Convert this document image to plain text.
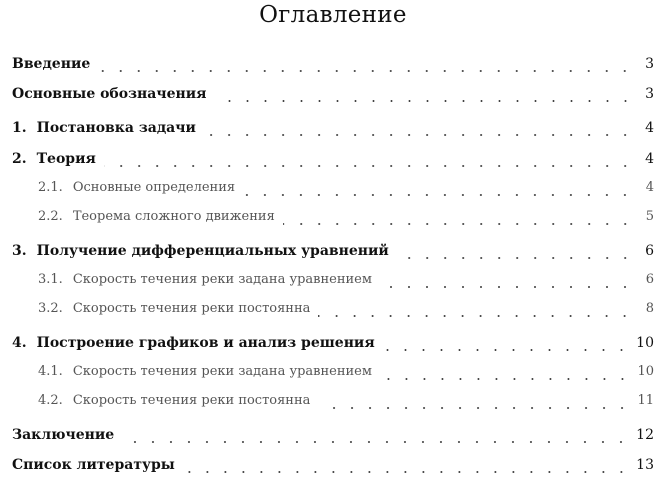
Оглавление
Введение	3
Основные обозначения	3
1. Постановка задачи	4
2. Теория	4
2.1. Основные определения	4
2.2. Теорема сложного движения	5
3. Получение дифференциальных уравнений	6
3.1. Скорость течения реки задана уравнением	6
3.2. Скорость течения реки постоянна	8
4. Построение графиков и анализ решения	10
4.1. Скорость течения реки задана уравнением	10
4.2. Скорость течения реки постоянна	11
Заключение	12
Список литературы	13
